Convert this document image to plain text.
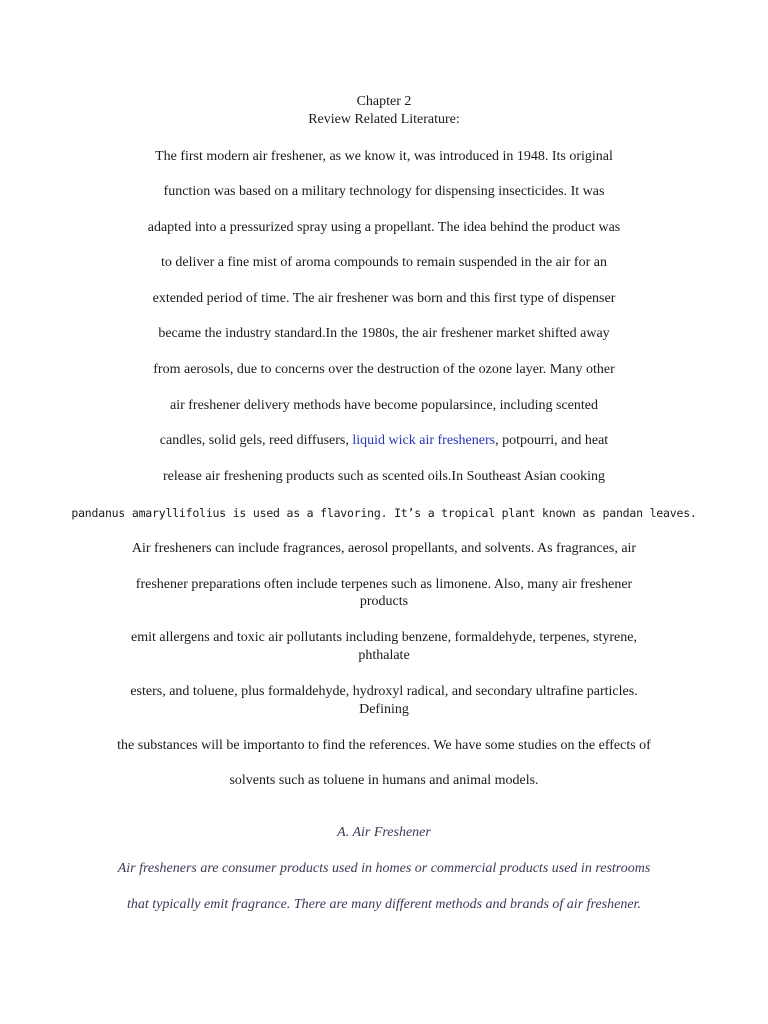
Chapter 2
Review Related Literature:
The first modern air freshener, as we know it, was introduced in 1948. Its original
function was based on a military technology for dispensing insecticides. It was
adapted into a pressurized spray using a propellant. The idea behind the product was
to deliver a fine mist of aroma compounds to remain suspended in the air for an
extended period of time. The air freshener was born and this first type of dispenser
became the industry standard.In the 1980s, the air freshener market shifted away
from aerosols, due to concerns over the destruction of the ozone layer. Many other
air freshener delivery methods have become popularsince, including scented
candles, solid gels, reed diffusers, liquid wick air fresheners, potpourri, and heat
release air freshening products such as scented oils.In Southeast Asian cooking
pandanus amaryllifolius is used as a flavoring. It’s a tropical plant known as pandan leaves.
Air fresheners can include fragrances, aerosol propellants, and solvents. As fragrances, air
freshener preparations often include terpenes such as limonene. Also, many air freshener
products
emit allergens and toxic air pollutants including benzene, formaldehyde, terpenes, styrene,
phthalate
esters, and toluene, plus formaldehyde, hydroxyl radical, and secondary ultrafine particles.
Defining
the substances will be importanto to find the references. We have some studies on the effects of
solvents such as toluene in humans and animal models.
A. Air Freshener
Air fresheners are consumer products used in homes or commercial products used in restrooms
that typically emit fragrance. There are many different methods and brands of air freshener.
